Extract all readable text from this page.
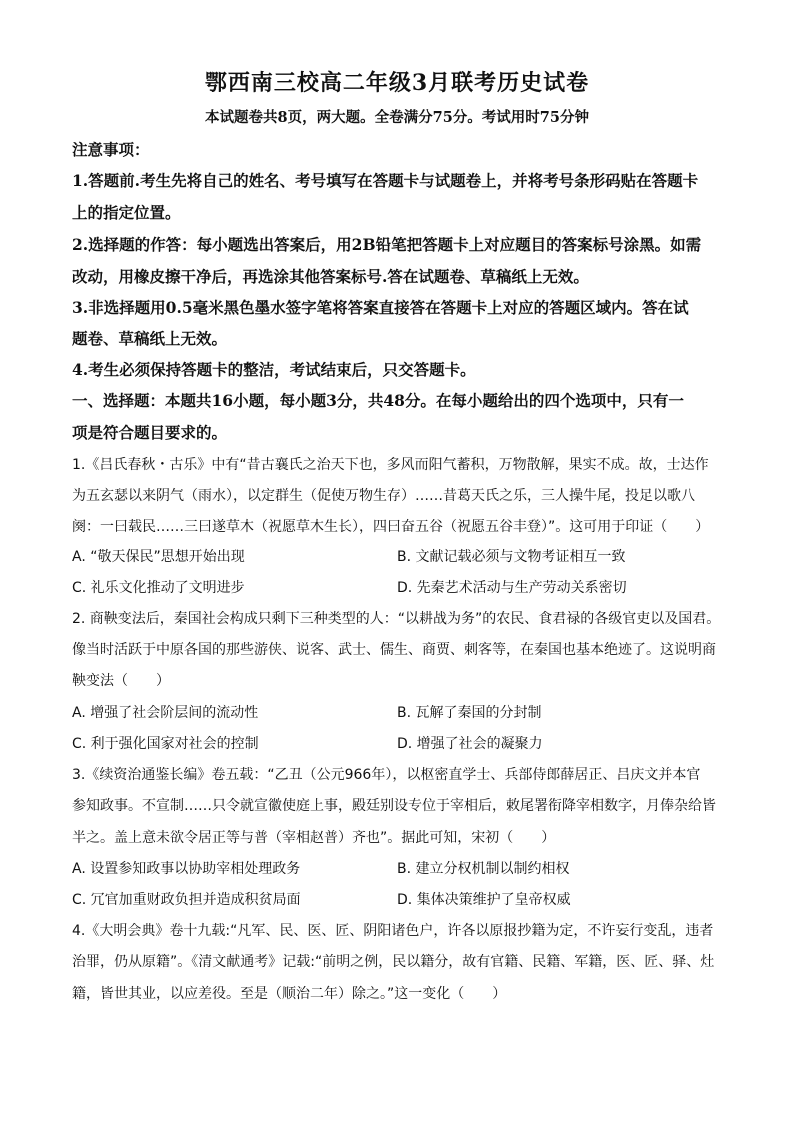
鄂西南三校高二年级3月联考历史试卷
本试题卷共8页，两大题。全卷满分75分。考试用时75分钟
注意事项：
1.答题前.考生先将自己的姓名、考号填写在答题卡与试题卷上，并将考号条形码贴在答题卡
上的指定位置。
2.选择题的作答：每小题选出答案后，用2B铅笔把答题卡上对应题目的答案标号涂黑。如需
改动，用橡皮擦干净后，再选涂其他答案标号.答在试题卷、草稿纸上无效。
3.非选择题用0.5毫米黑色墨水签字笔将答案直接答在答题卡上对应的答题区域内。答在试
题卷、草稿纸上无效。
4.考生必须保持答题卡的整洁，考试结束后，只交答题卡。
一、选择题：本题共16小题，每小题3分，共48分。在每小题给出的四个选项中，只有一
项是符合题目要求的。
1.《吕氏春秋・古乐》中有“昔古襄氏之治天下也，多风而阳气蓄积，万物散解，果实不成。故，士达作
为五玄瑟以来阴气（雨水），以定群生（促使万物生存）……昔葛天氏之乐，三人操牛尾，投足以歌八
阕：一曰载民……三曰遂草木（祝愿草木生长），四曰奋五谷（祝愿五谷丰登）”。这可用于印证（　　）
A. “敬天保民”思想开始出现	B. 文献记载必须与文物考证相互一致
C. 礼乐文化推动了文明进步	D. 先秦艺术活动与生产劳动关系密切
2. 商鞅变法后，秦国社会构成只剩下三种类型的人：“以耕战为务”的农民、食君禄的各级官吏以及国君。
像当时活跃于中原各国的那些游侠、说客、武士、儒生、商贾、刺客等，在秦国也基本绝迹了。这说明商
鞅变法（　　）
A. 增强了社会阶层间的流动性	B. 瓦解了秦国的分封制
C. 利于强化国家对社会的控制	D. 增强了社会的凝聚力
3.《续资治通鉴长编》卷五载：“乙丑（公元966年），以枢密直学士、兵部侍郎薛居正、吕庆文并本官
参知政事。不宣制……只令就宣徽使庭上事，殿廷别设专位于宰相后，敕尾署衔降宰相数字，月俸杂给皆
半之。盖上意未欲令居正等与普（宰相赵普）齐也”。据此可知，宋初（　　）
A. 设置参知政事以协助宰相处理政务	B. 建立分权机制以制约相权
C. 冗官加重财政负担并造成积贫局面	D. 集体决策维护了皇帝权威
4.《大明会典》卷十九载:“凡军、民、医、匠、阴阳诸色户，许各以原报抄籍为定，不许妄行变乱，违者
治罪，仍从原籍”。《清文献通考》记载:“前明之例，民以籍分，故有官籍、民籍、军籍，医、匠、驿、灶
籍，皆世其业，以应差役。至是（顺治二年）除之。”这一变化（　　）
